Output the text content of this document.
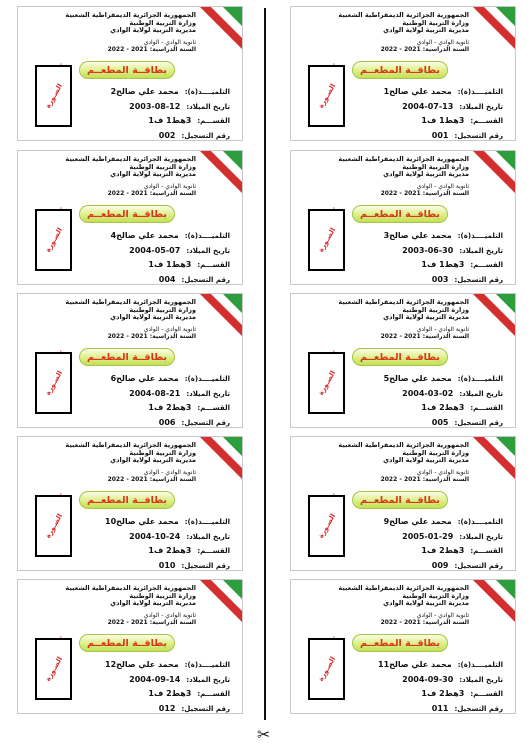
✂
الجمهورية الجزائرية الديمقراطية الشعبية
وزارة التربية الوطنية
مديرية التربية لولاية الوادي
ثانوية الوادي - الوادي
السنة الدراسية: 2021 - 2022
بطاقــة المطعــم
الصـورة	التلميــــذ(ة):
محمد علي صالح1
تاريخ الميلاد:
2004-07-13
القســـم:
3هط1 ف1
رقم التسجيل:
001
الجمهورية الجزائرية الديمقراطية الشعبية
وزارة التربية الوطنية
مديرية التربية لولاية الوادي
ثانوية الوادي - الوادي
السنة الدراسية: 2021 - 2022
بطاقــة المطعــم
الصـورة	التلميــــذ(ة):
محمد علي صالح2
تاريخ الميلاد:
2003-08-12
القســـم:
3هط1 ف1
رقم التسجيل:
002
الجمهورية الجزائرية الديمقراطية الشعبية
وزارة التربية الوطنية
مديرية التربية لولاية الوادي
ثانوية الوادي - الوادي
السنة الدراسية: 2021 - 2022
بطاقــة المطعــم
الصـورة	التلميــــذ(ة):
محمد علي صالح3
تاريخ الميلاد:
2003-06-30
القســـم:
3هط1 ف1
رقم التسجيل:
003
الجمهورية الجزائرية الديمقراطية الشعبية
وزارة التربية الوطنية
مديرية التربية لولاية الوادي
ثانوية الوادي - الوادي
السنة الدراسية: 2021 - 2022
بطاقــة المطعــم
الصـورة	التلميــــذ(ة):
محمد علي صالح4
تاريخ الميلاد:
2004-05-07
القســـم:
3هط1 ف1
رقم التسجيل:
004
الجمهورية الجزائرية الديمقراطية الشعبية
وزارة التربية الوطنية
مديرية التربية لولاية الوادي
ثانوية الوادي - الوادي
السنة الدراسية: 2021 - 2022
بطاقــة المطعــم
الصـورة	التلميــــذ(ة):
محمد علي صالح5
تاريخ الميلاد:
2004-03-02
القســـم:
3هط2 ف1
رقم التسجيل:
005
الجمهورية الجزائرية الديمقراطية الشعبية
وزارة التربية الوطنية
مديرية التربية لولاية الوادي
ثانوية الوادي - الوادي
السنة الدراسية: 2021 - 2022
بطاقــة المطعــم
الصـورة	التلميــــذ(ة):
محمد علي صالح6
تاريخ الميلاد:
2004-08-21
القســـم:
3هط2 ف1
رقم التسجيل:
006
الجمهورية الجزائرية الديمقراطية الشعبية
وزارة التربية الوطنية
مديرية التربية لولاية الوادي
ثانوية الوادي - الوادي
السنة الدراسية: 2021 - 2022
بطاقــة المطعــم
الصـورة	التلميــــذ(ة):
محمد علي صالح9
تاريخ الميلاد:
2005-01-29
القســـم:
3هط2 ف1
رقم التسجيل:
009
الجمهورية الجزائرية الديمقراطية الشعبية
وزارة التربية الوطنية
مديرية التربية لولاية الوادي
ثانوية الوادي - الوادي
السنة الدراسية: 2021 - 2022
بطاقــة المطعــم
الصـورة	التلميــــذ(ة):
محمد علي صالح10
تاريخ الميلاد:
2004-10-24
القســـم:
3هط2 ف1
رقم التسجيل:
010
الجمهورية الجزائرية الديمقراطية الشعبية
وزارة التربية الوطنية
مديرية التربية لولاية الوادي
ثانوية الوادي - الوادي
السنة الدراسية: 2021 - 2022
بطاقــة المطعــم
الصـورة	التلميــــذ(ة):
محمد علي صالح11
تاريخ الميلاد:
2004-09-30
القســـم:
3هط2 ف1
رقم التسجيل:
011
الجمهورية الجزائرية الديمقراطية الشعبية
وزارة التربية الوطنية
مديرية التربية لولاية الوادي
ثانوية الوادي - الوادي
السنة الدراسية: 2021 - 2022
بطاقــة المطعــم
الصـورة	التلميــــذ(ة):
محمد علي صالح12
تاريخ الميلاد:
2004-09-14
القســـم:
3هط2 ف1
رقم التسجيل:
012
